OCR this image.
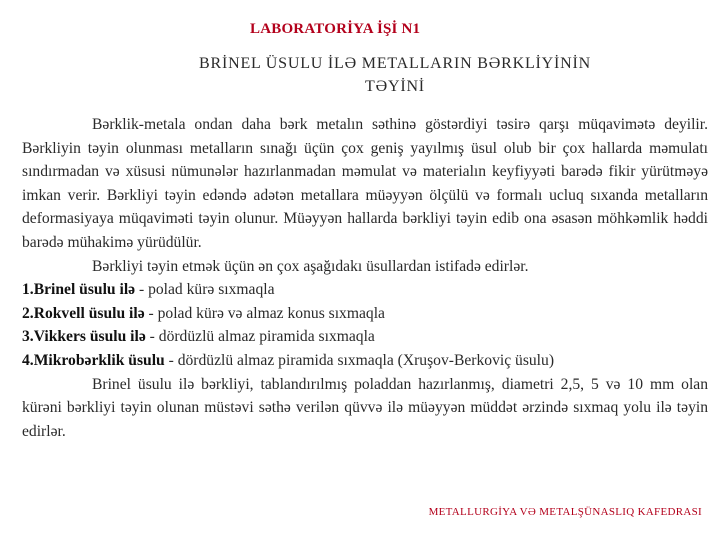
LABORATORİYA İŞİ N1
BRİNEL ÜSULU İLƏ METALLARIN BƏRKLİYİNİN
TƏYİNİ

Bərklik-metala ondan daha bərk metalın səthinə göstərdiyi təsirə qarşı müqavimətə deyilir. Bərkliyin təyin olunması metalların sınağı üçün çox geniş yayılmış üsul olub bir çox hallarda məmulatı sındırmadan və xüsusi nümunələr hazırlanmadan məmulat və materialın keyfiyyəti barədə fikir yürütməyə imkan verir. Bərkliyi təyin edəndə adətən metallara müəyyən ölçülü və formalı ucluq sıxanda metalların deformasiyaya müqaviməti təyin olunur. Müəyyən hallarda bərkliyi təyin edib ona əsasən möhkəmlik həddi barədə mühakimə yürüdülür.

Bərkliyi təyin etmək üçün ən çox aşağıdakı üsullardan istifadə edirlər.

1.Brinel üsulu ilə - polad kürə sıxmaqla

2.Rokvell üsulu ilə - polad kürə və almaz konus sıxmaqla

3.Vikkers üsulu ilə - dördüzlü almaz piramida sıxmaqla

4.Mikrobərklik üsulu - dördüzlü almaz piramida sıxmaqla (Xruşov-Berkoviç üsulu)

Brinel üsulu ilə bərkliyi, tablandırılmış poladdan hazırlanmış, diametri 2,5, 5 və 10 mm olan kürəni bərkliyi təyin olunan müstəvi səthə verilən qüvvə ilə müəyyən müddət ərzində sıxmaq yolu ilə təyin edirlər.

METALLURGİYA VƏ METALŞÜNASLIQ KAFEDRASI
